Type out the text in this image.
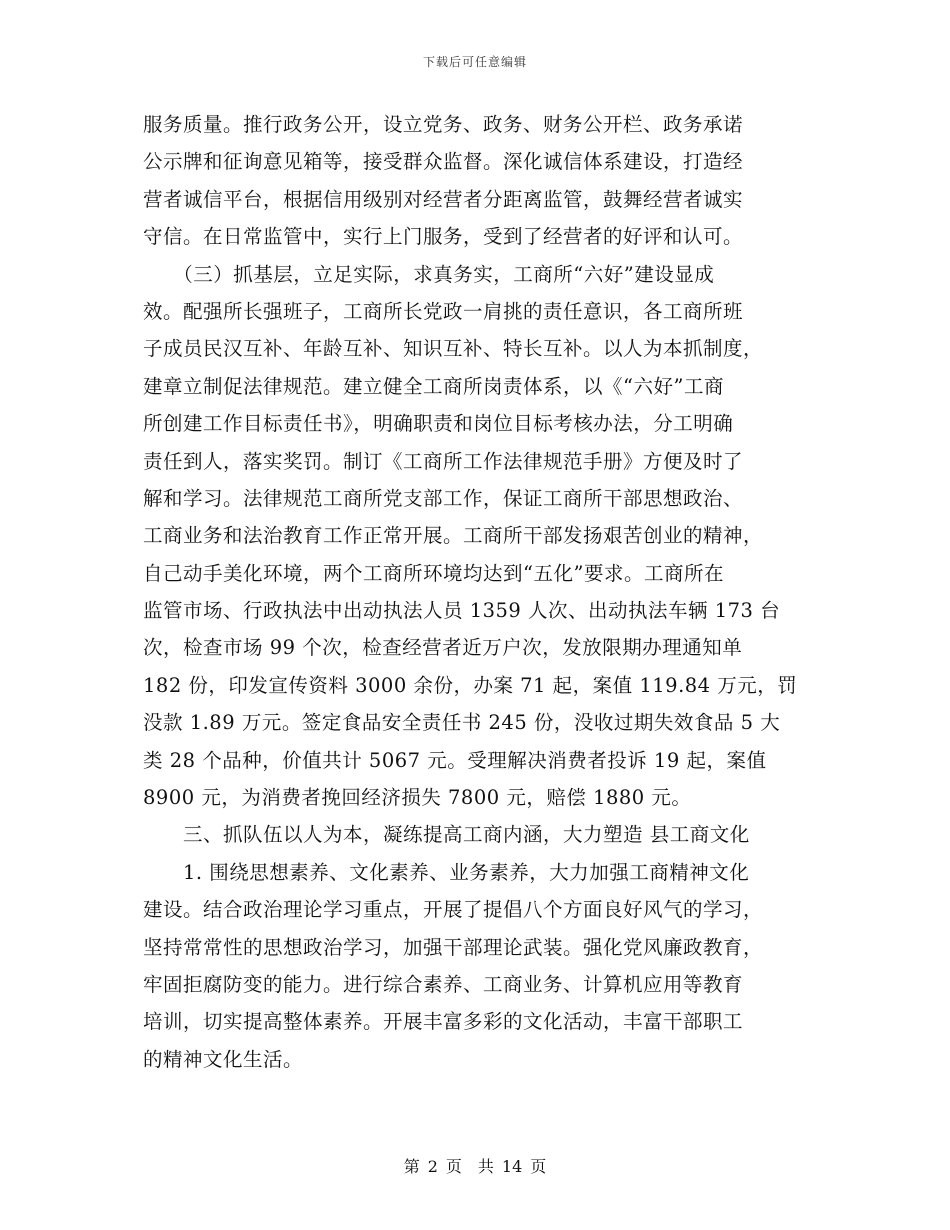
下载后可任意编辑
服务质量。推行政务公开，设立党务、政务、财务公开栏、政务承诺
公示牌和征询意见箱等，接受群众监督。深化诚信体系建设，打造经
营者诚信平台，根据信用级别对经营者分距离监管，鼓舞经营者诚实
守信。在日常监管中，实行上门服务，受到了经营者的好评和认可。
　　（三）抓基层，立足实际，求真务实，工商所“六好”建设显成
效。配强所长强班子，工商所长党政一肩挑的责任意识，各工商所班
子成员民汉互补、年龄互补、知识互补、特长互补。以人为本抓制度，
建章立制促法律规范。建立健全工商所岗责体系，以《“六好”工商
所创建工作目标责任书》，明确职责和岗位目标考核办法，分工明确
责任到人，落实奖罚。制订《工商所工作法律规范手册》方便及时了
解和学习。法律规范工商所党支部工作，保证工商所干部思想政治、
工商业务和法治教育工作正常开展。工商所干部发扬艰苦创业的精神，
自己动手美化环境，两个工商所环境均达到“五化”要求。工商所在
监管市场、行政执法中出动执法人员 1359 人次、出动执法车辆 173 台
次，检查市场 99 个次，检查经营者近万户次，发放限期办理通知单
182 份，印发宣传资料 3000 余份，办案 71 起，案值 119.84 万元，罚
没款 1.89 万元。签定食品安全责任书 245 份，没收过期失效食品 5 大
类 28 个品种，价值共计 5067 元。受理解决消费者投诉 19 起，案值
8900 元，为消费者挽回经济损失 7800 元，赔偿 1880 元。
　　三、抓队伍以人为本，凝练提高工商内涵，大力塑造 县工商文化
　　1. 围绕思想素养、文化素养、业务素养，大力加强工商精神文化
建设。结合政治理论学习重点，开展了提倡八个方面良好风气的学习，
坚持常常性的思想政治学习，加强干部理论武装。强化党风廉政教育，
牢固拒腐防变的能力。进行综合素养、工商业务、计算机应用等教育
培训，切实提高整体素养。开展丰富多彩的文化活动，丰富干部职工
的精神文化生活。
第 2 页　共 14 页
